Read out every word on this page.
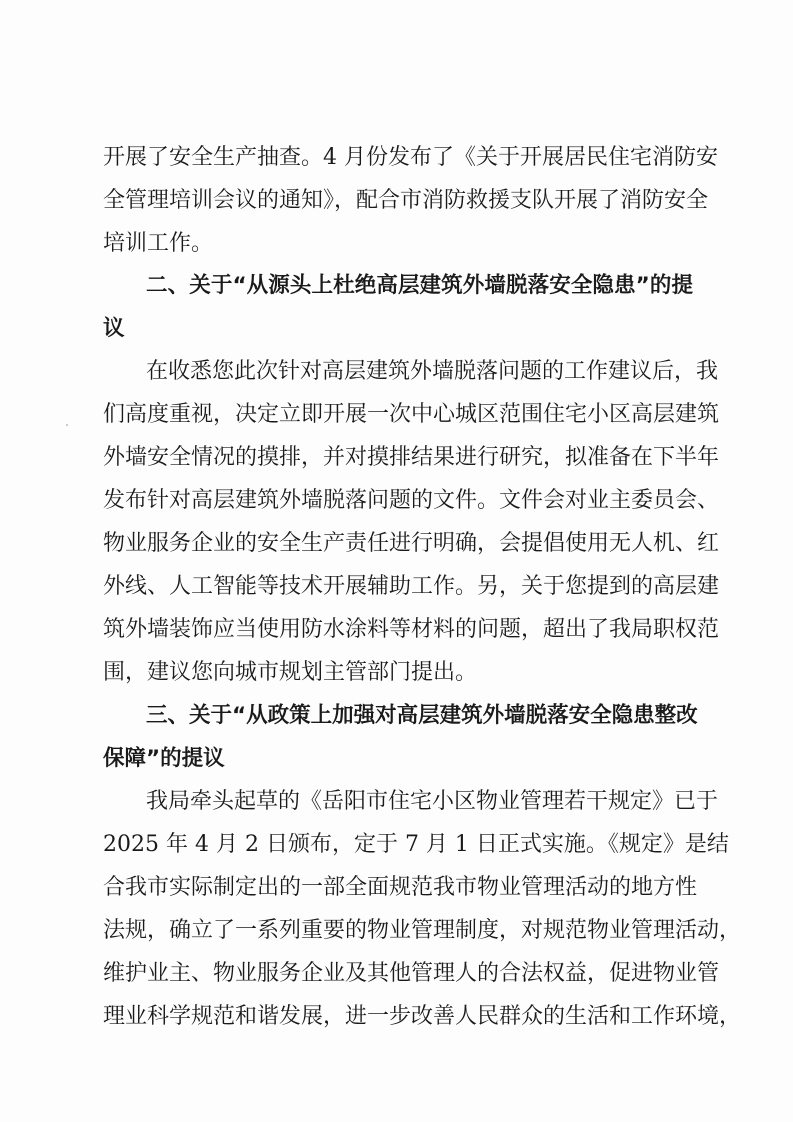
开展了安全生产抽查。4 月份发布了《关于开展居民住宅消防安
全管理培训会议的通知》，配合市消防救援支队开展了消防安全
培训工作。
二、关于“从源头上杜绝高层建筑外墙脱落安全隐患”的提
议
在收悉您此次针对高层建筑外墙脱落问题的工作建议后，我
们高度重视，决定立即开展一次中心城区范围住宅小区高层建筑
外墙安全情况的摸排，并对摸排结果进行研究，拟准备在下半年
发布针对高层建筑外墙脱落问题的文件。文件会对业主委员会、
物业服务企业的安全生产责任进行明确，会提倡使用无人机、红
外线、人工智能等技术开展辅助工作。另，关于您提到的高层建
筑外墙装饰应当使用防水涂料等材料的问题，超出了我局职权范
围，建议您向城市规划主管部门提出。
三、关于“从政策上加强对高层建筑外墙脱落安全隐患整改
保障”的提议
我局牵头起草的《岳阳市住宅小区物业管理若干规定》已于
2025 年 4 月 2 日颁布，定于 7 月 1 日正式实施。《规定》是结
合我市实际制定出的一部全面规范我市物业管理活动的地方性
法规，确立了一系列重要的物业管理制度，对规范物业管理活动，
维护业主、物业服务企业及其他管理人的合法权益，促进物业管
理业科学规范和谐发展，进一步改善人民群众的生活和工作环境，
